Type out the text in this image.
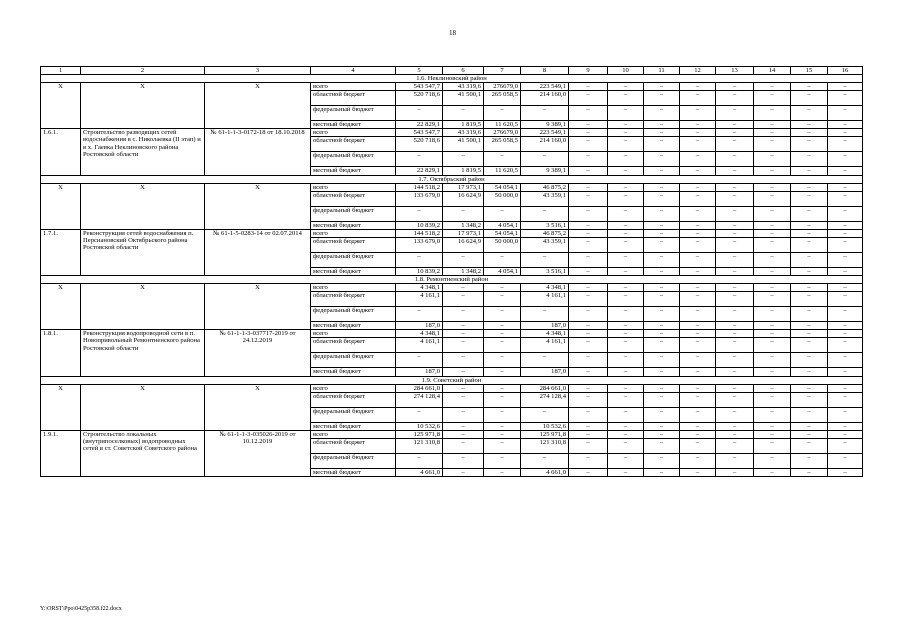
18
1	2	3	4	5	6	7	8	9	10	11	12	13	14	15	16
1.6. Неклиновский район															
Х	Х	Х	всего	543 547,7	43 319,6	276679,0	223 549,1	–	–	–	–	–	–	–	–
			областной бюджет	520 718,6	41 500,1	265 058,5	214 160,0	–	–	–	–	–	–	–	–
			федеральный бюджет	–	–	–	–	–	–	–	–	–	–	–	–
			местный бюджет	22 829,1	1 819,5	11 620,5	9 389,1	–	–	–	–	–	–	–	–
1.6.1.	Строительство разводящих сетей водоснабжения в с. Николаевка (II этап) и в х. Гаевка Неклиновского района Ростовской области	№ 61-1-1-3-0172-18 от 18.10.2018	всего	543 547,7	43 319,6	276679,0	223 549,1	–	–	–	–	–	–	–	–
			областной бюджет	520 718,6	41 500,1	265 058,5	214 160,0	–	–	–	–	–	–	–	–
			федеральный бюджет	–	–	–	–	–	–	–	–	–	–	–	–
			местный бюджет	22 829,1	1 819,5	11 620,5	9 389,1	–	–	–	–	–	–	–	–
1.7. Октябрьский район															
Х	Х	Х	всего	144 518,2	17 973,1	54 054,1	46 875,2	–	–	–	–	–	–	–	–
			областной бюджет	133 679,0	16 624,9	50 000,0	43 359,1	–	–	–	–	–	–	–	–
			федеральный бюджет	–	–	–	–	–	–	–	–	–	–	–	–
			местный бюджет	10 839,2	1 348,2	4 054,1	3 516,1	–	–	–	–	–	–	–	–
1.7.1.	Реконструкция сетей водоснабжения п. Персиановский Октябрьского района Ростовской области	№ 61-1-5-0283-14 от 02.07.2014	всего	144 518,2	17 973,1	54 054,1	46 875,2	–	–	–	–	–	–	–	–
			областной бюджет	133 679,0	16 624,9	50 000,0	43 359,1	–	–	–	–	–	–	–	–
			федеральный бюджет	–	–	–	–	–	–	–	–	–	–	–	–
			местный бюджет	10 839,2	1 348,2	4 054,1	3 516,1	–	–	–	–	–	–	–	–
1.8. Ремонтненский район															
Х	Х	Х	всего	4 348,1	–	–	4 348,1	–	–	–	–	–	–	–	–
			областной бюджет	4 161,1	–	–	4 161,1	–	–	–	–	–	–	–	–
			федеральный бюджет	–	–	–	–	–	–	–	–	–	–	–	–
			местный бюджет	187,0	–	–	187,0	–	–	–	–	–	–	–	–
1.8.1.	Реконструкция водопроводной сети в п. Новопривольный Ремонтненского района Ростовской области	№ 61-1-1-3-037717-2019 от 24.12.2019	всего	4 348,1	–	–	4 348,1	–	–	–	–	–	–	–	–
			областной бюджет	4 161,1	–	–	4 161,1	–	–	–	–	–	–	–	–
			федеральный бюджет	–	–	–	–	–	–	–	–	–	–	–	–
			местный бюджет	187,0	–	–	187,0	–	–	–	–	–	–	–	–
1.9. Советский район															
Х	Х	Х	всего	284 661,0	–	–	284 661,0	–	–	–	–	–	–	–	–
			областной бюджет	274 128,4	–	–	274 128,4	–	–	–	–	–	–	–	–
			федеральный бюджет	–	–	–	–	–	–	–	–	–	–	–	–
			местный бюджет	10 532,6	–	–	10 532,6	–	–	–	–	–	–	–	–
1.9.1.	Строительство локальных (внутрипоселковых) водопроводных сетей в ст. Советской Советского района	№ 61-1-1-3-035026-2019 от 10.12.2019	всего	125 971,8	–	–	125 971,8	–	–	–	–	–	–	–	–
			областной бюджет	121 310,8	–	–	121 310,8	–	–	–	–	–	–	–	–
			федеральный бюджет	–	–	–	–	–	–	–	–	–	–	–	–
			местный бюджет	4 661,0	–	–	4 661,0	–	–	–	–	–	–	–	–
Y:\ORST\Ppo\0425p358.f22.docx
